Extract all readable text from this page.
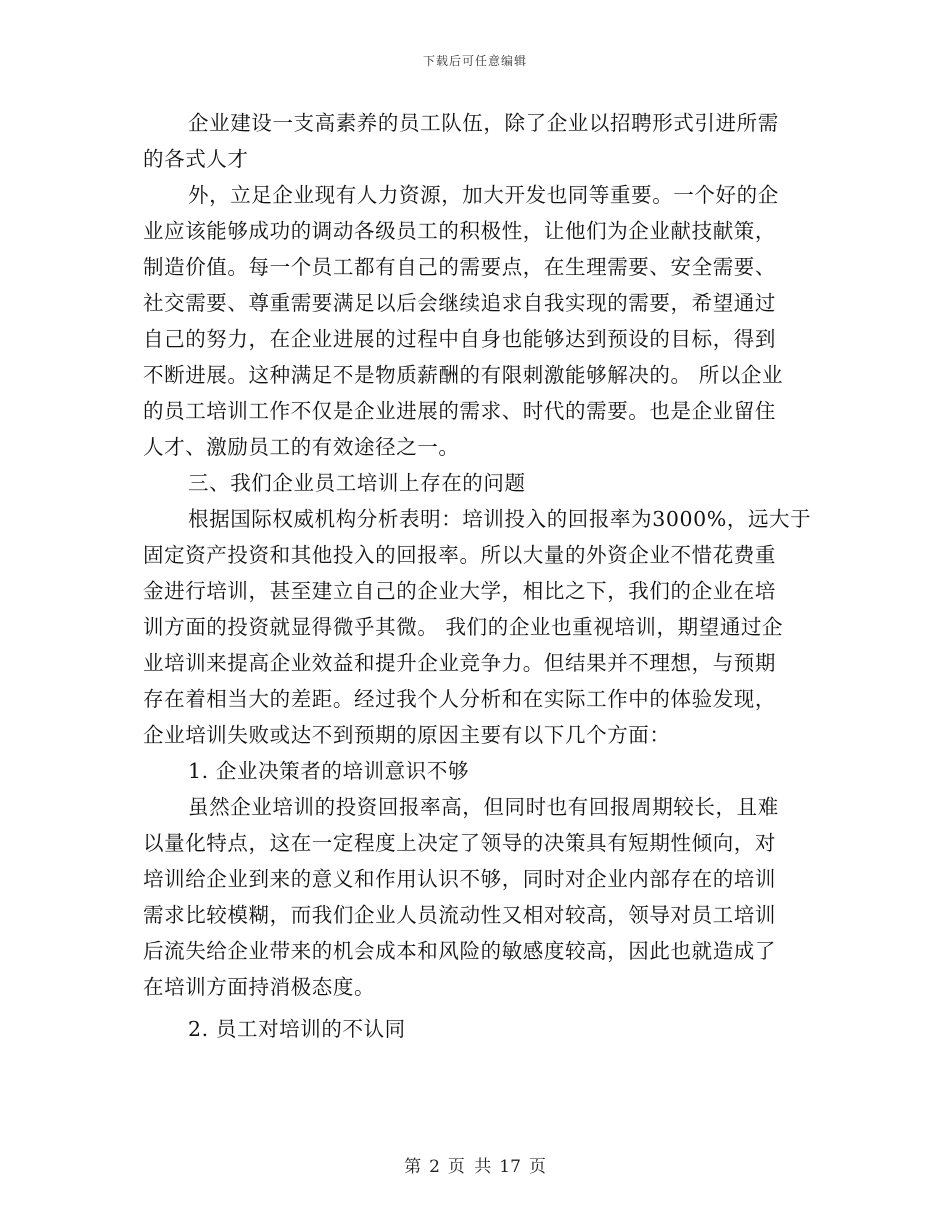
下载后可任意编辑
企业建设一支高素养的员工队伍，除了企业以招聘形式引进所需
的各式人才
外，立足企业现有人力资源，加大开发也同等重要。一个好的企
业应该能够成功的调动各级员工的积极性，让他们为企业献技献策，
制造价值。每一个员工都有自己的需要点，在生理需要、安全需要、
社交需要、尊重需要满足以后会继续追求自我实现的需要，希望通过
自己的努力，在企业进展的过程中自身也能够达到预设的目标，得到
不断进展。这种满足不是物质薪酬的有限刺激能够解决的。 所以企业
的员工培训工作不仅是企业进展的需求、时代的需要。也是企业留住
人才、激励员工的有效途径之一。
三、我们企业员工培训上存在的问题
根据国际权威机构分析表明：培训投入的回报率为3000%，远大于
固定资产投资和其他投入的回报率。所以大量的外资企业不惜花费重
金进行培训，甚至建立自己的企业大学，相比之下，我们的企业在培
训方面的投资就显得微乎其微。 我们的企业也重视培训，期望通过企
业培训来提高企业效益和提升企业竞争力。但结果并不理想，与预期
存在着相当大的差距。经过我个人分析和在实际工作中的体验发现，
企业培训失败或达不到预期的原因主要有以下几个方面：
1. 企业决策者的培训意识不够
虽然企业培训的投资回报率高，但同时也有回报周期较长，且难
以量化特点，这在一定程度上决定了领导的决策具有短期性倾向，对
培训给企业到来的意义和作用认识不够，同时对企业内部存在的培训
需求比较模糊，而我们企业人员流动性又相对较高，领导对员工培训
后流失给企业带来的机会成本和风险的敏感度较高，因此也就造成了
在培训方面持消极态度。
2. 员工对培训的不认同
第 2 页 共 17 页
